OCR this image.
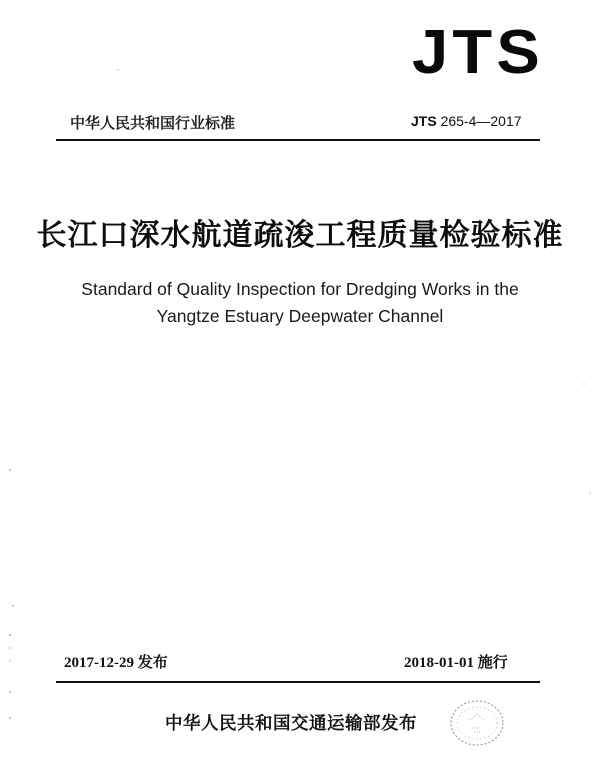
JTS
中华人民共和国行业标准	JTS 265-4—2017
长江口深水航道疏浚工程质量检验标准
Standard of Quality Inspection for Dredging Works in the
Yangtze Estuary Deepwater Channel
2017-12-29 发布	2018-01-01 施行
中华人民共和国交通运输部发布
